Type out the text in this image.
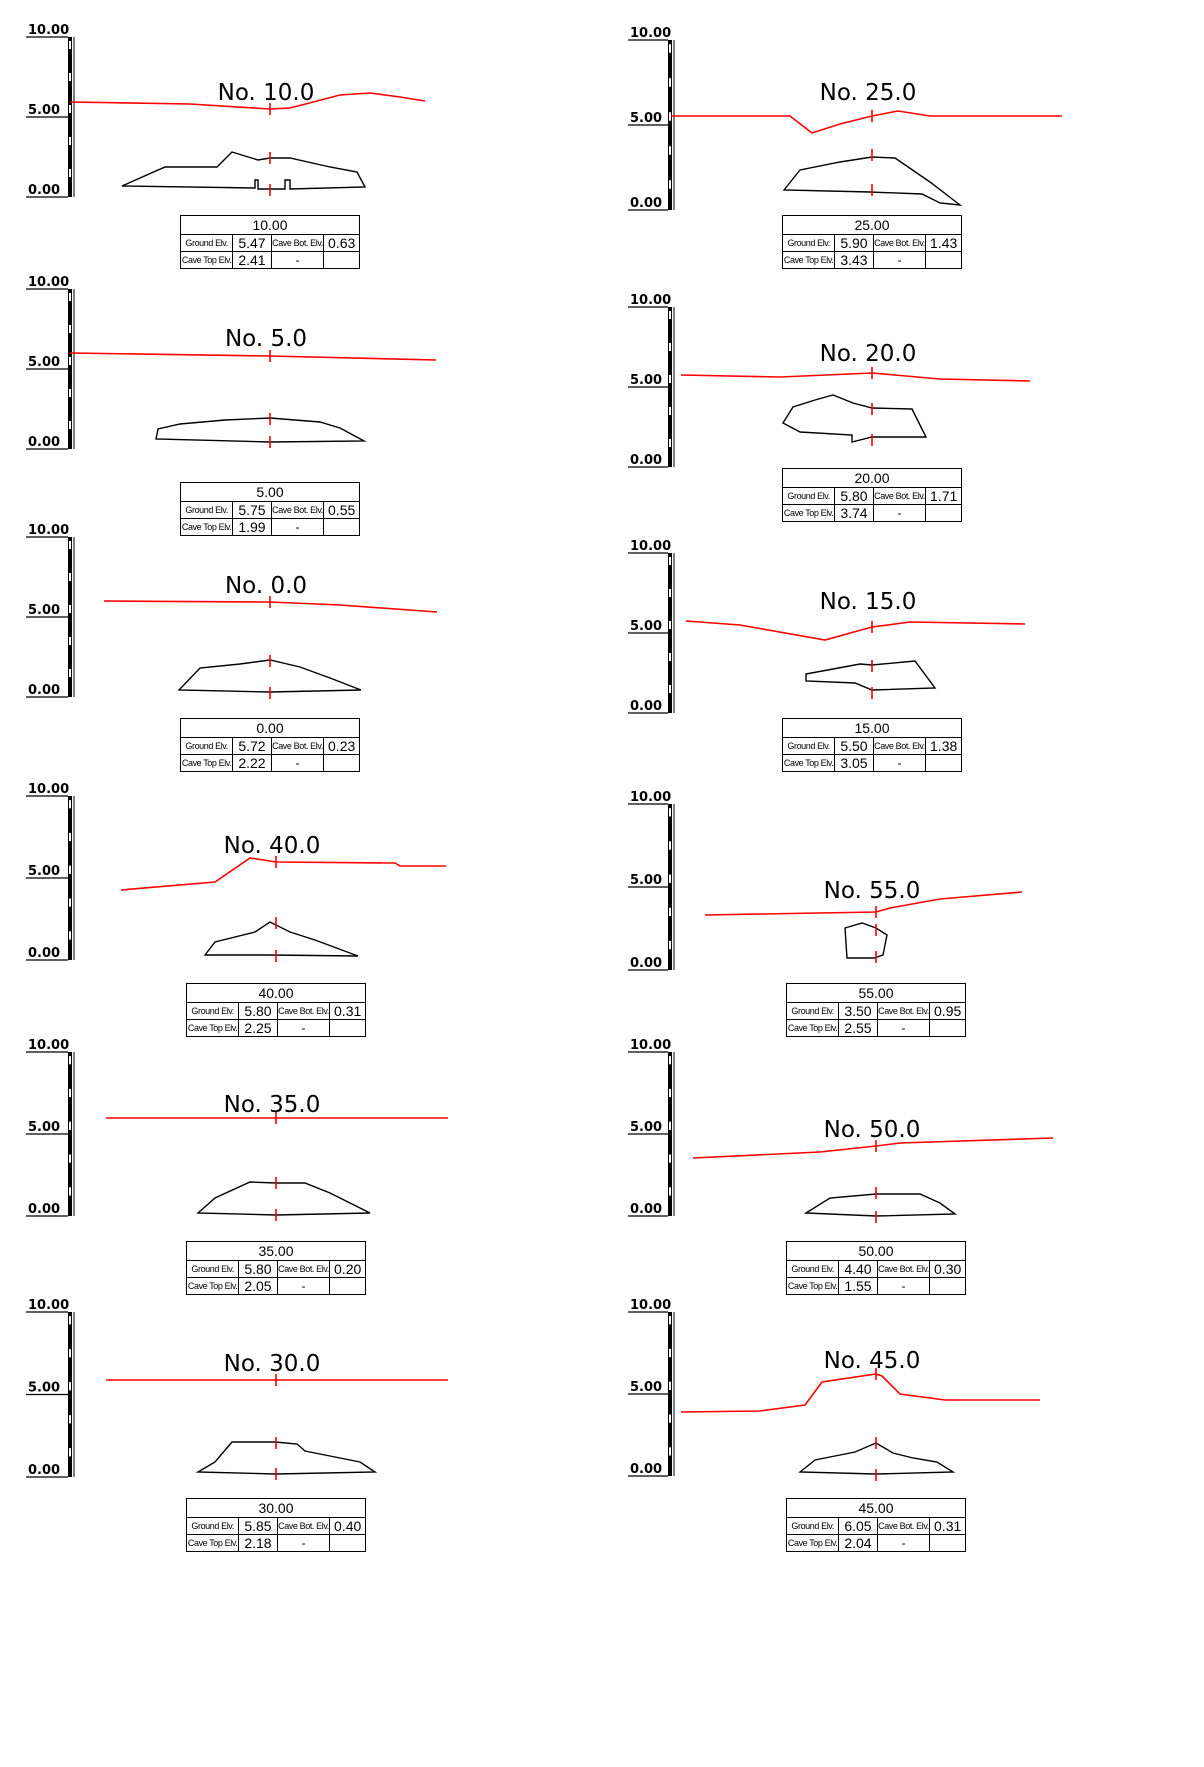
10.00
5.00
0.00
No. 10.0
10.00			
Ground Elv.	5.47	Cave Bot. Elv.	0.63
Cave Top Elv.	2.41	-	
10.00
5.00
0.00
No. 25.0
25.00			
Ground Elv.	5.90	Cave Bot. Elv.	1.43
Cave Top Elv.	3.43	-	
10.00
5.00
0.00
No. 5.0
5.00			
Ground Elv.	5.75	Cave Bot. Elv.	0.55
Cave Top Elv.	1.99	-	
10.00
5.00
0.00
No. 20.0
20.00			
Ground Elv.	5.80	Cave Bot. Elv.	1.71
Cave Top Elv.	3.74	-	
10.00
5.00
0.00
No. 0.0
0.00			
Ground Elv.	5.72	Cave Bot. Elv.	0.23
Cave Top Elv.	2.22	-	
10.00
5.00
0.00
No. 15.0
15.00			
Ground Elv.	5.50	Cave Bot. Elv.	1.38
Cave Top Elv.	3.05	-	
10.00
5.00
0.00
No. 40.0
40.00			
Ground Elv.	5.80	Cave Bot. Elv.	0.31
Cave Top Elv.	2.25	-	
10.00
5.00
0.00
No. 55.0
55.00			
Ground Elv.	3.50	Cave Bot. Elv.	0.95
Cave Top Elv.	2.55	-	
10.00
5.00
0.00
No. 35.0
35.00			
Ground Elv.	5.80	Cave Bot. Elv.	0.20
Cave Top Elv.	2.05	-	
10.00
5.00
0.00
No. 50.0
50.00			
Ground Elv.	4.40	Cave Bot. Elv.	0.30
Cave Top Elv.	1.55	-	
10.00
5.00
0.00
No. 30.0
30.00			
Ground Elv.	5.85	Cave Bot. Elv.	0.40
Cave Top Elv.	2.18	-	
10.00
5.00
0.00
No. 45.0
45.00			
Ground Elv.	6.05	Cave Bot. Elv.	0.31
Cave Top Elv.	2.04	-	
